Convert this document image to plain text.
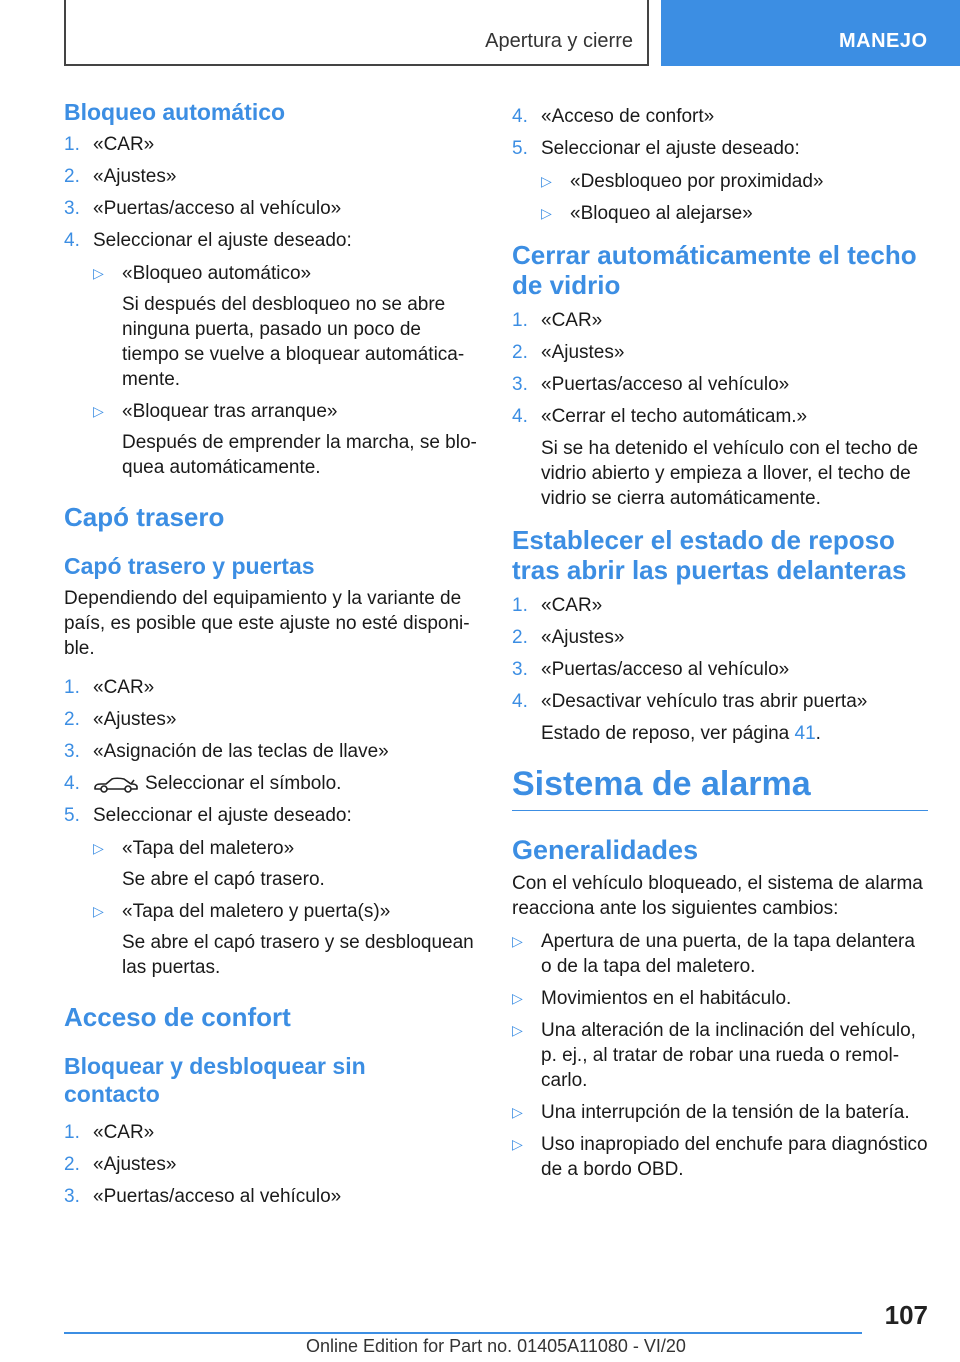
Apertura y cierre	MANEJO
Bloqueo automático
1. «CAR»
2. «Ajustes»
3. «Puertas/acceso al vehículo»
4. Seleccionar el ajuste deseado:
▷ «Bloqueo automático»
Si después del desbloqueo no se abre ninguna puerta, pasado un poco de tiempo se vuelve a bloquear automática-mente.
▷ «Bloquear tras arranque»
Después de emprender la marcha, se blo-quea automáticamente.
Capó trasero
Capó trasero y puertas

Dependiendo del equipamiento y la variante de país, es posible que este ajuste no esté disponi-ble.

1. «CAR»
2. «Ajustes»
3. «Asignación de las teclas de llave»
4.	Seleccionar el símbolo.
5. Seleccionar el ajuste deseado:
▷ «Tapa del maletero»
Se abre el capó trasero.
▷ «Tapa del maletero y puerta(s)»
Se abre el capó trasero y se desbloquean las puertas.
Acceso de confort
Bloquear y desbloquear sin contacto
1. «CAR»
2. «Ajustes»
3. «Puertas/acceso al vehículo»
4. «Acceso de confort»
5. Seleccionar el ajuste deseado:
▷ «Desbloqueo por proximidad»
▷ «Bloqueo al alejarse»
Cerrar automáticamente el techo de vidrio
1. «CAR»
2. «Ajustes»
3. «Puertas/acceso al vehículo»
4. «Cerrar el techo automáticam.»
Si se ha detenido el vehículo con el techo de vidrio abierto y empieza a llover, el techo de vidrio se cierra automáticamente.
Establecer el estado de reposo tras abrir las puertas delanteras
1. «CAR»
2. «Ajustes»
3. «Puertas/acceso al vehículo»
4. «Desactivar vehículo tras abrir puerta»
Estado de reposo, ver página 41.
Sistema de alarma
Generalidades

Con el vehículo bloqueado, el sistema de alarma reacciona ante los siguientes cambios:

▷ Apertura de una puerta, de la tapa delantera o de la tapa del maletero.
▷ Movimientos en el habitáculo.
▷ Una alteración de la inclinación del vehículo, p. ej., al tratar de robar una rueda o remol-carlo.
▷ Una interrupción de la tensión de la batería.
▷ Uso inapropiado del enchufe para diagnóstico de a bordo OBD.
107
Online Edition for Part no. 01405A11080 - VI/20
